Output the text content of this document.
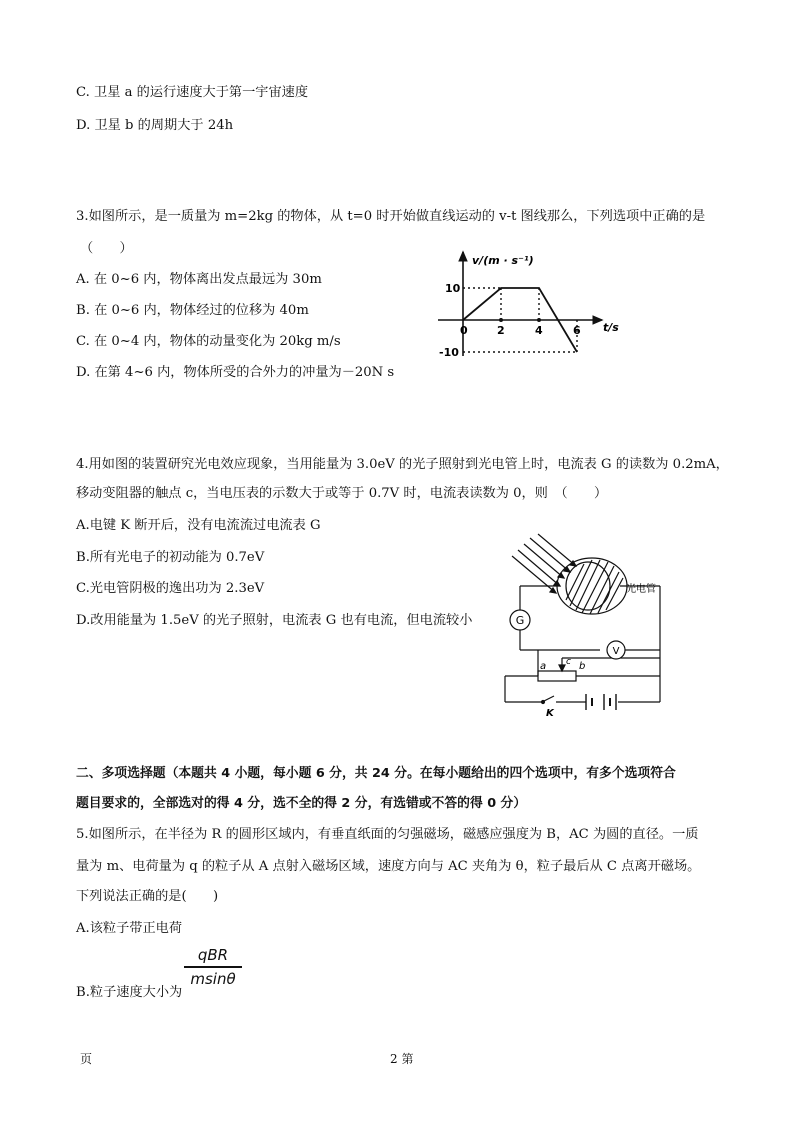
C. 卫星 a 的运行速度大于第一宇宙速度
D. 卫星 b 的周期大于 24h
3.如图所示，是一质量为 m=2kg 的物体，从 t=0 时开始做直线运动的 v-t 图线那么，下列选项中正确的是
（　　）
A. 在 0~6 内，物体离出发点最远为 30m
B. 在 0~6 内，物体经过的位移为 40m
C. 在 0~4 内，物体的动量变化为 20kg m/s
D. 在第 4~6 内，物体所受的合外力的冲量为－20N s
v/(m · s⁻¹)
t/s
0	2	4	6
10
-10
4.用如图的装置研究光电效应现象，当用能量为 3.0eV 的光子照射到光电管上时，电流表 G 的读数为 0.2mA，
移动变阻器的触点 c，当电压表的示数大于或等于 0.7V 时，电流表读数为 0，则　（　　）
A.电键 K 断开后，没有电流流过电流表 G
B.所有光电子的初动能为 0.7eV
C.光电管阴极的逸出功为 2.3eV
D.改用能量为 1.5eV 的光子照射，电流表 G 也有电流，但电流较小	G
V
光电管
a	b
c
K
二、多项选择题（本题共 4 小题，每小题 6 分，共 24 分。在每小题给出的四个选项中，有多个选项符合
题目要求的，全部选对的得 4 分，选不全的得 2 分，有选错或不答的得 0 分）
5.如图所示，在半径为 R 的圆形区域内，有垂直纸面的匀强磁场，磁感应强度为 B，AC 为圆的直径。一质
量为 m、电荷量为 q 的粒子从 A 点射入磁场区域，速度方向与 AC 夹角为 θ，粒子最后从 C 点离开磁场。
下列说法正确的是(　　)
A.该粒子带正电荷
B.粒子速度大小为
qBR
msinθ
页	2 第
